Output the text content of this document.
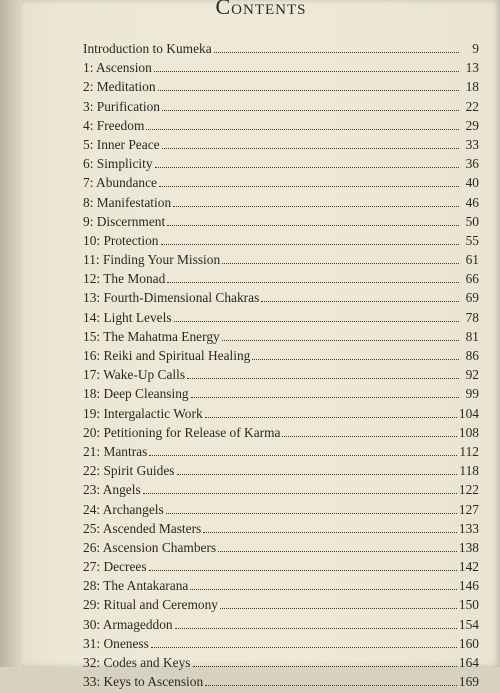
Contents
Introduction to Kumeka	9
1: Ascension	13
2: Meditation	18
3: Purification	22
4: Freedom	29
5: Inner Peace	33
6: Simplicity	36
7: Abundance	40
8: Manifestation	46
9: Discernment	50
10: Protection	55
11: Finding Your Mission	61
12: The Monad	66
13: Fourth-Dimensional Chakras	69
14: Light Levels	78
15: The Mahatma Energy	81
16: Reiki and Spiritual Healing	86
17: Wake-Up Calls	92
18: Deep Cleansing	99
19: Intergalactic Work	104
20: Petitioning for Release of Karma	108
21: Mantras	112
22: Spirit Guides	118
23: Angels	122
24: Archangels	127
25: Ascended Masters	133
26: Ascension Chambers	138
27: Decrees	142
28: The Antakarana	146
29: Ritual and Ceremony	150
30: Armageddon	154
31: Oneness	160
32: Codes and Keys	164
33: Keys to Ascension	169
